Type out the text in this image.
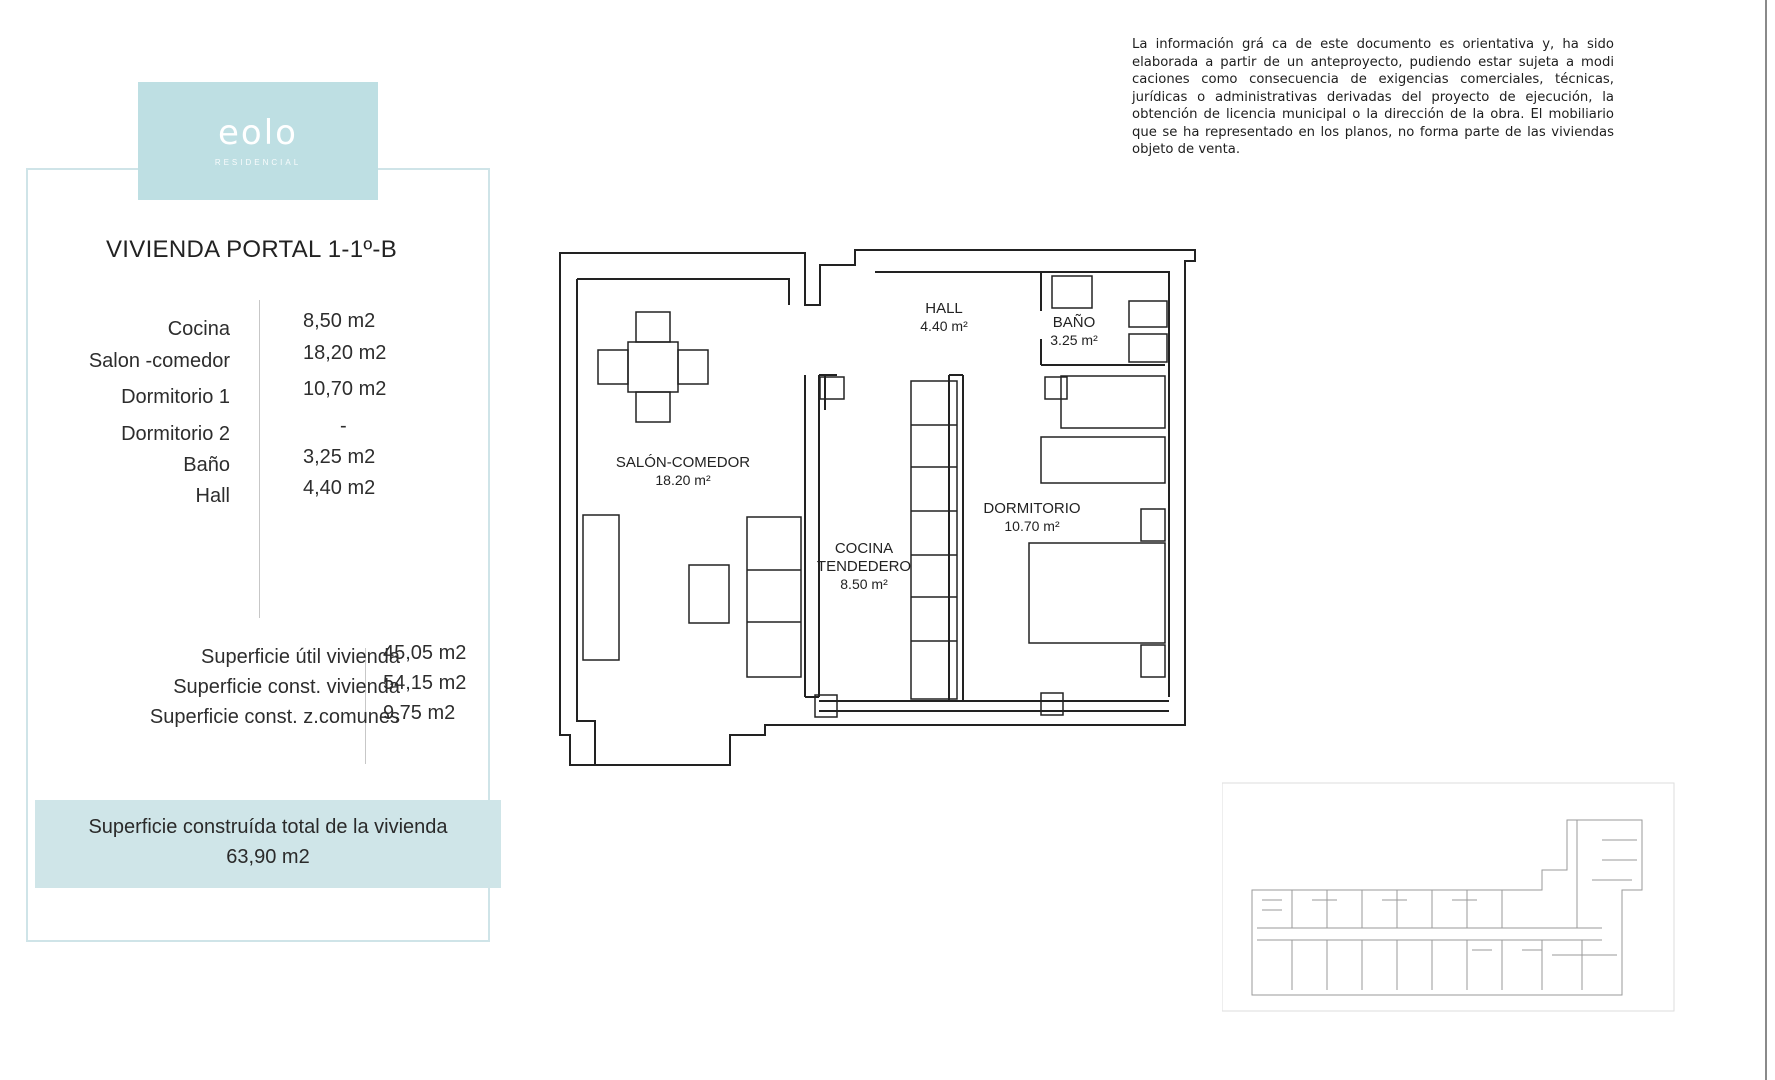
eolo
RESIDENCIAL
VIVIENDA PORTAL 1-1º-B
Cocina	8,50 m2
Salon -comedor	18,20 m2
Dormitorio 1	10,70 m2
Dormitorio 2	-
Baño	3,25 m2
Hall	4,40 m2
Superficie útil vivienda
45,05 m2
Superficie const. vivienda
54,15 m2
Superficie const. z.comunes
9,75 m2
Superficie construída total de la vivienda
63,90 m2
La información grá ca de este documento es orientativa y, ha sido elaborada a partir de un anteproyecto, pudiendo estar sujeta a modi caciones como consecuencia de exigencias comerciales, técnicas, jurídicas o administrativas derivadas del proyecto de ejecución, la obtención de licencia municipal o la dirección de la obra. El mobiliario que se ha representado en los planos, no forma parte de las viviendas objeto de venta.
SALÓN-COMEDOR
18.20 m²
HALL
4.40 m²	BAÑO
3.25 m²
COCINA
TENDEDERO
8.50 m²
DORMITORIO
10.70 m²
